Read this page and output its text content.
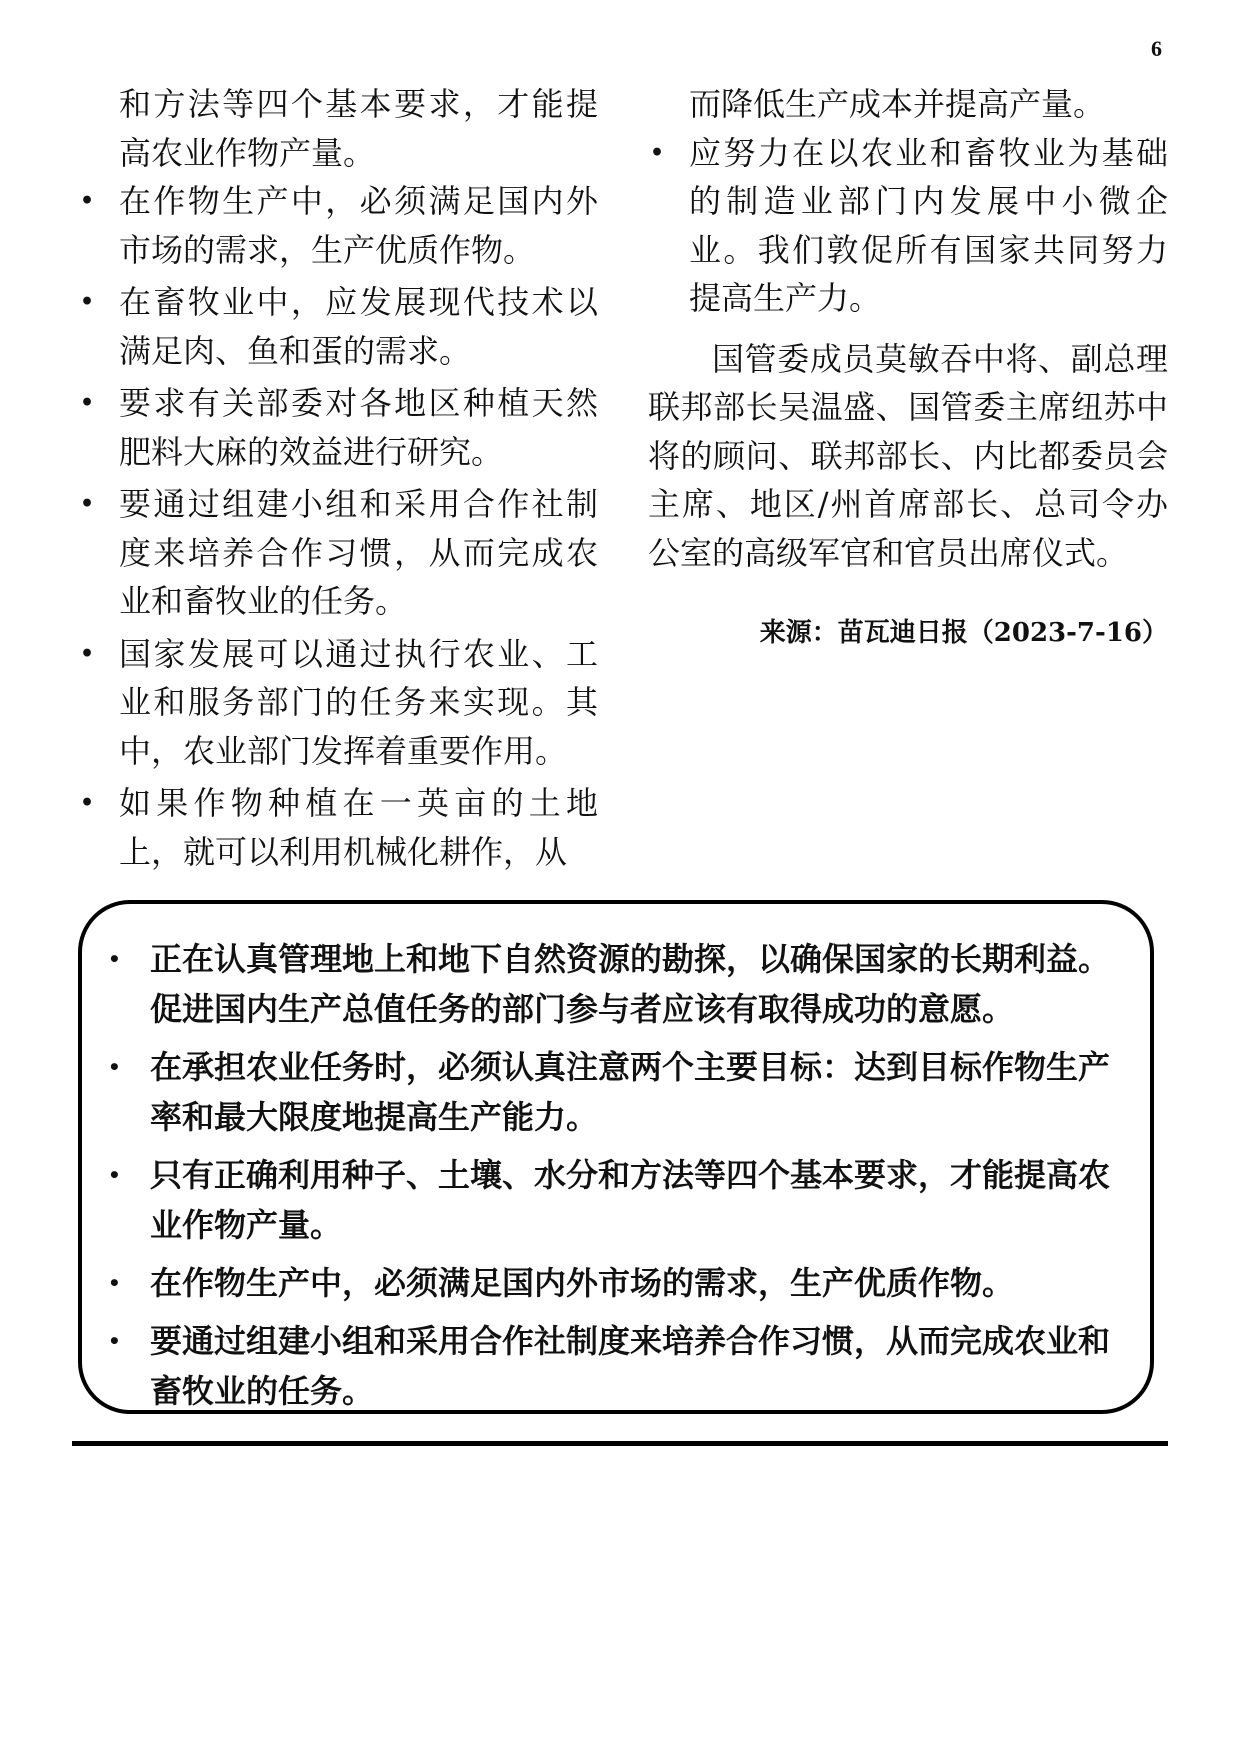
6
和方法等四个基本要求，才能提高农业作物产量。
• 在作物生产中，必须满足国内外市场的需求，生产优质作物。
• 在畜牧业中，应发展现代技术以满足肉、鱼和蛋的需求。
• 要求有关部委对各地区种植天然肥料大麻的效益进行研究。
• 要通过组建小组和采用合作社制度来培养合作习惯，从而完成农业和畜牧业的任务。
• 国家发展可以通过执行农业、工业和服务部门的任务来实现。其中，农业部门发挥着重要作用。
• 如果作物种植在一英亩的土地上，就可以利用机械化耕作，从
而降低生产成本并提高产量。
• 应努力在以农业和畜牧业为基础的制造业部门内发展中小微企业。我们敦促所有国家共同努力提高生产力。

国管委成员莫敏吞中将、副总理联邦部长吴温盛、国管委主席纽苏中将的顾问、联邦部长、内比都委员会主席、地区/州首席部长、总司令办公室的高级军官和官员出席仪式。

来源：苗瓦迪日报（2023-7-16）
• 正在认真管理地上和地下自然资源的勘探，以确保国家的长期利益。促进国内生产总值任务的部门参与者应该有取得成功的意愿。
• 在承担农业任务时，必须认真注意两个主要目标：达到目标作物生产率和最大限度地提高生产能力。
• 只有正确利用种子、土壤、水分和方法等四个基本要求，才能提高农业作物产量。
• 在作物生产中，必须满足国内外市场的需求，生产优质作物。
• 要通过组建小组和采用合作社制度来培养合作习惯，从而完成农业和畜牧业的任务。
